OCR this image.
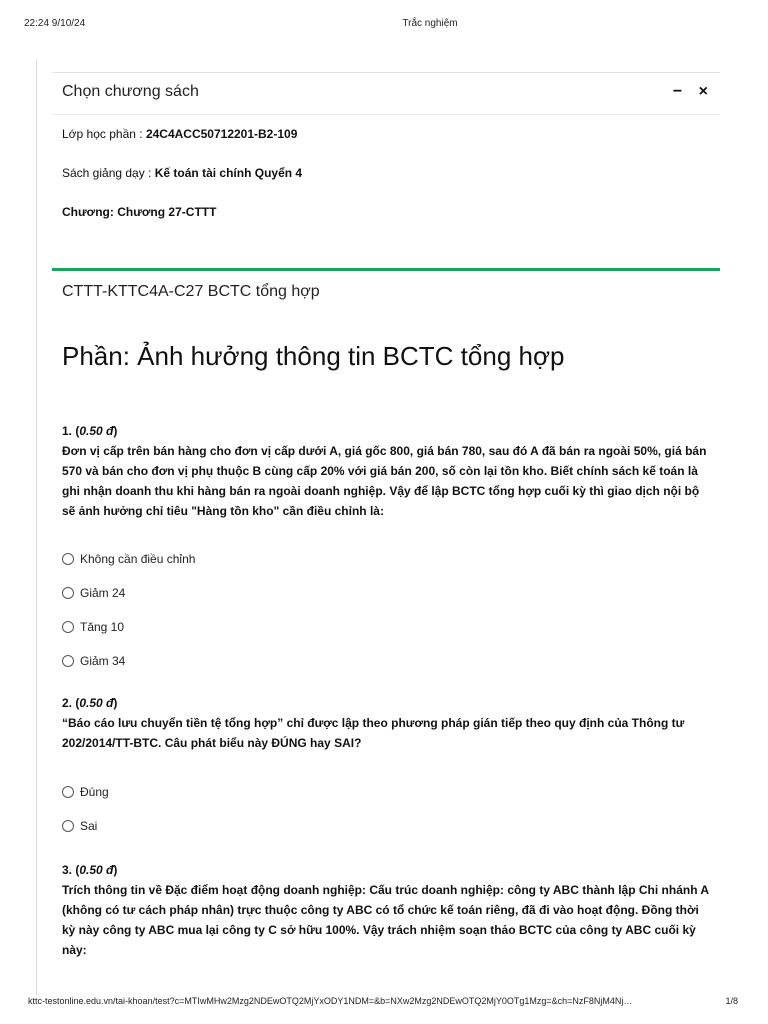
22:24 9/10/24	Trắc nghiệm
Chọn chương sách	− ×
Lớp học phần : 24C4ACC50712201-B2-109
Sách giảng dạy : Kế toán tài chính Quyển 4
Chương: Chương 27-CTTT
CTTT-KTTC4A-C27 BCTC tổng hợp
Phần: Ảnh hưởng thông tin BCTC tổng hợp
1. (0.50 đ)
Đơn vị cấp trên bán hàng cho đơn vị cấp dưới A, giá gốc 800, giá bán 780, sau đó A đã bán ra ngoài 50%, giá bán 570 và bán cho đơn vị phụ thuộc B cùng cấp 20% với giá bán 200, số còn lại tồn kho. Biết chính sách kế toán là ghi nhận doanh thu khi hàng bán ra ngoài doanh nghiệp. Vậy để lập BCTC tổng hợp cuối kỳ thì giao dịch nội bộ sẽ ảnh hưởng chỉ tiêu "Hàng tồn kho" cần điều chỉnh là:
Không cần điều chỉnh
Giảm 24
Tăng 10
Giảm 34
2. (0.50 đ)
“Báo cáo lưu chuyển tiền tệ tổng hợp” chỉ được lập theo phương pháp gián tiếp theo quy định của Thông tư 202/2014/TT-BTC. Câu phát biểu này ĐÚNG hay SAI?
Đúng
Sai
3. (0.50 đ)
Trích thông tin về Đặc điểm hoạt động doanh nghiệp: Cấu trúc doanh nghiệp: công ty ABC thành lập Chi nhánh A (không có tư cách pháp nhân) trực thuộc công ty ABC có tổ chức kế toán riêng, đã đi vào hoạt động. Đồng thời kỳ này công ty ABC mua lại công ty C sở hữu 100%. Vậy trách nhiệm soạn thảo BCTC của công ty ABC cuối kỳ này:
kttc-testonline.edu.vn/tai-khoan/test?c=MTIwMHw2Mzg2NDEwOTQ2MjYxODY1NDM=&b=NXw2Mzg2NDEwOTQ2MjY0OTg1Mzg=&ch=NzF8NjM4Nj…	1/8
